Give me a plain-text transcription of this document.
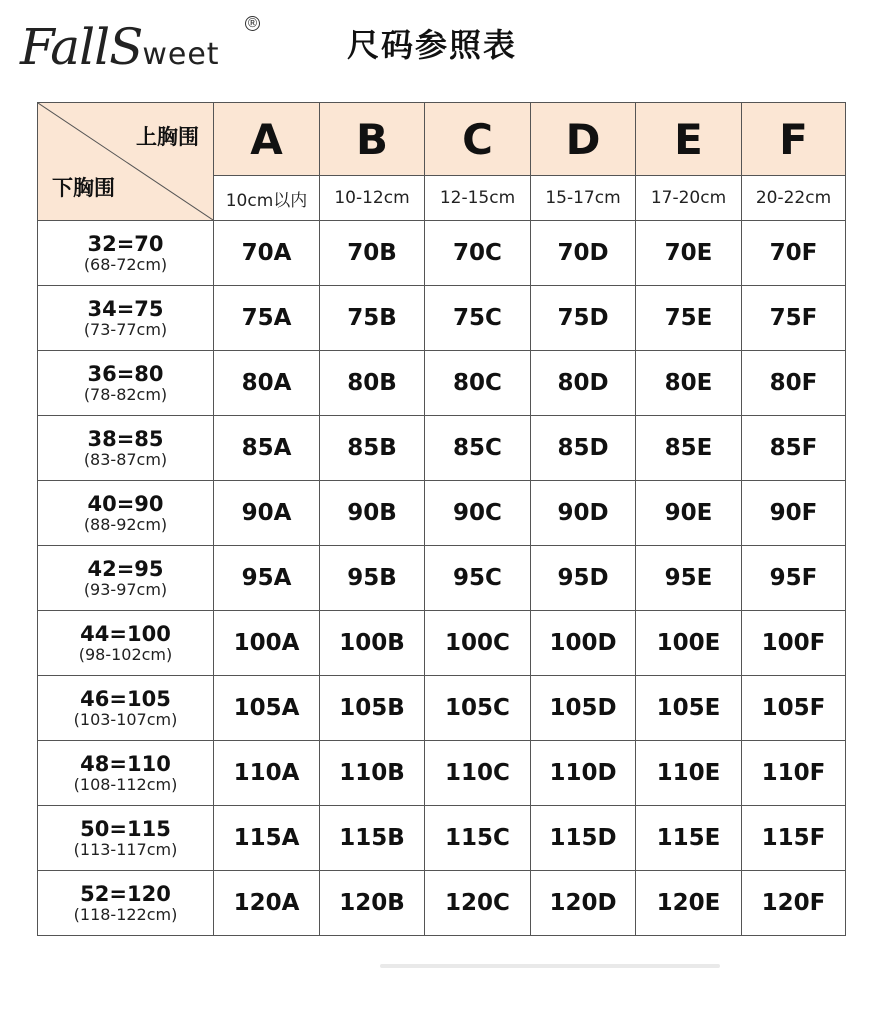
FallSweet
®
尺码参照表
上胸围
下胸围	A	B	C	D	E	F
	10cm以内	10-12cm	12-15cm	15-17cm	17-20cm	20-22cm

32=70
(68-72cm)	70A	70B	70C	70D	70E	70F

34=75
(73-77cm)	75A	75B	75C	75D	75E	75F

36=80
(78-82cm)	80A	80B	80C	80D	80E	80F

38=85
(83-87cm)	85A	85B	85C	85D	85E	85F

40=90
(88-92cm)	90A	90B	90C	90D	90E	90F

42=95
(93-97cm)	95A	95B	95C	95D	95E	95F

44=100
(98-102cm)	100A	100B	100C	100D	100E	100F

46=105
(103-107cm)	105A	105B	105C	105D	105E	105F

48=110
(108-112cm)	110A	110B	110C	110D	110E	110F

50=115
(113-117cm)	115A	115B	115C	115D	115E	115F

52=120
(118-122cm)	120A	120B	120C	120D	120E	120F
